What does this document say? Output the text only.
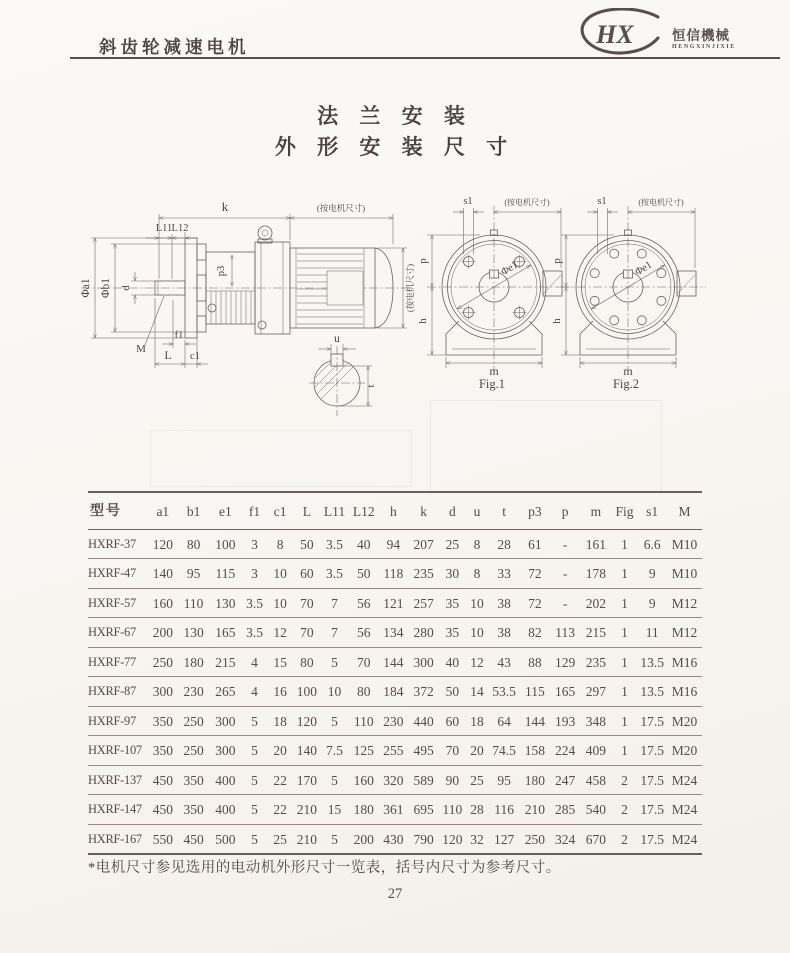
斜齿轮减速电机	HX	恒信機械
HENGXINJIXIE
法 兰 安 装
外 形 安 装 尺 寸
k	(按电机尺寸)
L11 L12
Φa1 Φb1 d
M
f1
L c1
p3	(按电机尺寸)
u
t
s1	(按电机尺寸)
p
h
Φe1
m
Fig.1
s1	(按电机尺寸)
p
h
Φe1
m
Fig.2
型号	a1	b1	e1	f1	c1	L	L11	L12	h	k	d	u	t	p3	p	m	Fig	s1	M
HXRF-37	120	80	100	3	8	50	3.5	40	94	207	25	8	28	61	-	161	1	6.6	M10
HXRF-47	140	95	115	3	10	60	3.5	50	118	235	30	8	33	72	-	178	1	9	M10
HXRF-57	160	110	130	3.5	10	70	7	56	121	257	35	10	38	72	-	202	1	9	M12
HXRF-67	200	130	165	3.5	12	70	7	56	134	280	35	10	38	82	113	215	1	11	M12
HXRF-77	250	180	215	4	15	80	5	70	144	300	40	12	43	88	129	235	1	13.5	M16
HXRF-87	300	230	265	4	16	100	10	80	184	372	50	14	53.5	115	165	297	1	13.5	M16
HXRF-97	350	250	300	5	18	120	5	110	230	440	60	18	64	144	193	348	1	17.5	M20
HXRF-107	350	250	300	5	20	140	7.5	125	255	495	70	20	74.5	158	224	409	1	17.5	M20
HXRF-137	450	350	400	5	22	170	5	160	320	589	90	25	95	180	247	458	2	17.5	M24
HXRF-147	450	350	400	5	22	210	15	180	361	695	110	28	116	210	285	540	2	17.5	M24
HXRF-167	550	450	500	5	25	210	5	200	430	790	120	32	127	250	324	670	2	17.5	M24
*电机尺寸参见选用的电动机外形尺寸一览表，括号内尺寸为参考尺寸。
27
